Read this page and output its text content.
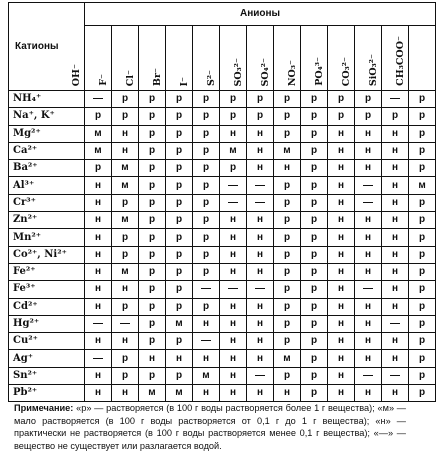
Катионы	Анионы												

	OH⁻	F⁻	Cl⁻	Br⁻	I⁻	S²⁻	SO₃²⁻	SO₄²⁻	NO₃⁻	PO₄³⁻	CO₃²⁻	SiO₃²⁻	CH₃COO⁻

NH₄⁺	—	р	р	р	р	р	р	р	р	р	р	—	р
Na⁺, K⁺	р	р	р	р	р	р	р	р	р	р	р	р	р
Mg²⁺	м	н	р	р	р	н	н	р	р	н	н	н	р
Ca²⁺	м	н	р	р	р	м	н	м	р	н	н	н	р
Ba²⁺	р	м	р	р	р	р	н	н	р	н	н	н	р
Al³⁺	н	м	р	р	р	—	—	р	р	н	—	н	м
Cr³⁺	н	р	р	р	р	—	—	р	р	н	—	н	р
Zn²⁺	н	м	р	р	р	н	н	р	р	н	н	н	р
Mn²⁺	н	р	р	р	р	н	н	р	р	н	н	н	р
Co²⁺, Ni²⁺	н	р	р	р	р	н	н	р	р	н	н	н	р
Fe²⁺	н	м	р	р	р	н	н	р	р	н	н	н	р
Fe³⁺	н	н	р	р	—	—	—	р	р	н	—	н	р
Cd²⁺	н	р	р	р	р	н	н	р	р	н	н	н	р
Hg²⁺	—	—	р	м	н	н	н	р	р	н	н	—	р
Cu²⁺	н	н	р	р	—	н	н	р	р	н	н	н	р
Ag⁺	—	р	н	н	н	н	н	м	р	н	н	н	р
Sn²⁺	н	р	р	р	м	н	—	р	р	н	—	—	р
Pb²⁺	н	н	м	м	н	н	н	н	р	н	н	н	р
Примечание: «р» — растворяется (в 100 г воды растворяется более 1 г вещества); «м» — мало растворяется (в 100 г воды растворяется от 0,1 г до 1 г вещества); «н» — практически не растворяется (в 100 г воды растворяется менее 0,1 г вещества); «—» — вещество не существует или разлагается водой.
